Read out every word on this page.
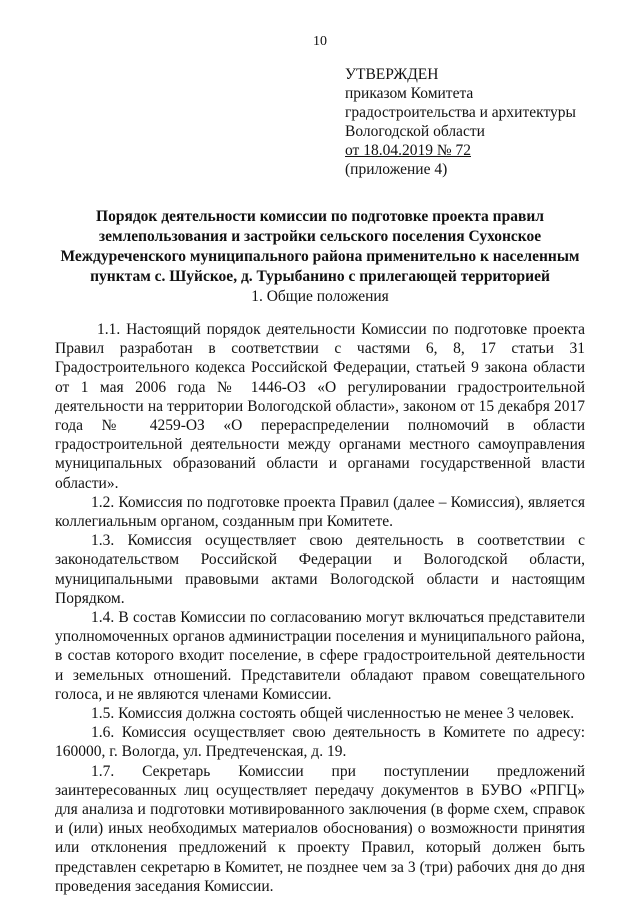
10
УТВЕРЖДЕН
приказом Комитета
градостроительства и архитектуры
Вологодской области
от 18.04.2019 № 72
(приложение 4)
Порядок деятельности комиссии по подготовке проекта правил
землепользования и застройки сельского поселения Сухонское
Междуреченского муниципального района применительно к населенным
пунктам с. Шуйское, д. Турыбанино с прилегающей территорией
1. Общие положения

1.1. Настоящий порядок деятельности Комиссии по подготовке проекта Правил разработан в соответствии с частями 6, 8, 17 статьи 31 Градостроительного кодекса Российской Федерации, статьей 9 закона области от 1 мая 2006 года № 1446-ОЗ «О регулировании градостроительной деятельности на территории Вологодской области», законом от 15 декабря 2017 года № 4259-ОЗ «О перераспределении полномочий в области градостроительной деятельности между органами местного самоуправления муниципальных образований области и органами государственной власти области».

1.2. Комиссия по подготовке проекта Правил (далее – Комиссия), является коллегиальным органом, созданным при Комитете.

1.3. Комиссия осуществляет свою деятельность в соответствии с законодательством Российской Федерации и Вологодской области, муниципальными правовыми актами Вологодской области и настоящим Порядком.

1.4. В состав Комиссии по согласованию могут включаться представители уполномоченных органов администрации поселения и муниципального района, в состав которого входит поселение, в сфере градостроительной деятельности и земельных отношений. Представители обладают правом совещательного голоса, и не являются членами Комиссии.

1.5. Комиссия должна состоять общей численностью не менее 3 человек.

1.6. Комиссия осуществляет свою деятельность в Комитете по адресу: 160000, г. Вологда, ул. Предтеченская, д. 19.

1.7. Секретарь Комиссии при поступлении предложений заинтересованных лиц осуществляет передачу документов в БУВО «РПГЦ» для анализа и подготовки мотивированного заключения (в форме схем, справок и (или) иных необходимых материалов обоснования) о возможности принятия или отклонения предложений к проекту Правил, который должен быть представлен секретарю в Комитет, не позднее чем за 3 (три) рабочих дня до дня проведения заседания Комиссии.
